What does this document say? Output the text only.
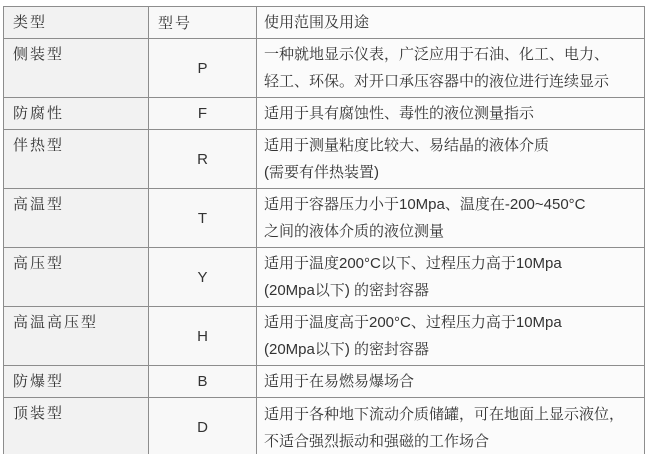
类型	型号	使用范围及用途

侧装型	P	一种就地显示仪表，广泛应用于石油、化工、电力、
轻工、环保。对开口承压容器中的液位进行连续显示

防腐性	F	适用于具有腐蚀性、毒性的液位测量指示

伴热型	R	适用于测量粘度比较大、易结晶的液体介质
(需要有伴热装置)

高温型	T	适用于容器压力小于10Mpa、温度在-200~450°C
之间的液体介质的液位测量

高压型	Y	适用于温度200°C以下、过程压力高于10Mpa
(20Mpa以下) 的密封容器

高温高压型	H	适用于温度高于200°C、过程压力高于10Mpa
(20Mpa以下) 的密封容器

防爆型	B	适用于在易燃易爆场合

顶装型	D	适用于各种地下流动介质储罐，可在地面上显示液位，
不适合强烈振动和强磁的工作场合
